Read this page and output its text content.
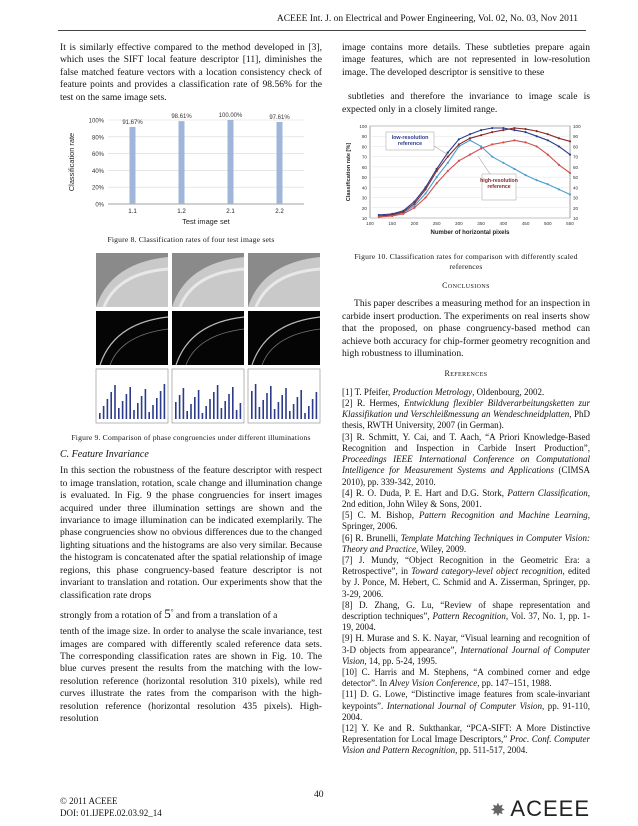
ACEEE Int. J. on Electrical and Power Engineering, Vol. 02, No. 03, Nov 2011

It is similarly effective compared to the method developed in [3], which uses the SIFT local feature descriptor [11], diminishes the false matched feature vectors with a location consistency check of feature points and provides a classification rate of 98.56% for the test on the same image sets.

0%
20%
40%
60%
80%
100%	91.67%
1.1
98.61%
1.2
100.00%
2.1
97.61%
2.2
Test image set
Classification rate
Figure 8. Classification rates of four test image sets
Figure 9. Comparison of phase congruencies under different illuminations
C. Feature Invariance

In this section the robustness of the feature descriptor with respect to image translation, rotation, scale change and illumination change is evaluated. In Fig. 9 the phase congruencies for insert images acquired under three illumination settings are shown and the invariance to image illumination can be indicated exemplarily. The phase congruencies show no obvious differences due to the changed lighting situations and the histograms are also very similar. Because the histogram is concatenated after the spatial relationship of image regions, this phase congruency-based feature descriptor is not invariant to translation and rotation. Our experiments show that the classification rate drops

strongly from a rotation of 5° and from a translation of a

tenth of the image size. In order to analyse the scale invariance, test images are compared with differently scaled reference data sets. The corresponding classification rates are shown in Fig. 10. The blue curves present the results from the matching with the low-resolution reference (horizontal resolution 310 pixels), while red curves illustrate the rates from the comparison with the high-resolution reference (horizontal resolution 435 pixels). High-resolution

image contains more details. These subtleties prepare again image features, which are not represented in low-resolution image. The developed descriptor is sensitive to these

subtleties and therefore the invariance to image scale is expected only in a closely limited range.

10	10
20	20
30	30
40	40
50	50
60	60
70	70
80	80
90	90
100	100
100	150	200	250	300	350	400	450	500	550
low-resolution reference
high-resolution reference
Number of horizontal pixels
Classification rate [%]
Figure 10. Classification rates for comparison with differently scaled references
Conclusions

This paper describes a measuring method for an inspection in carbide insert production. The experiments on real inserts show that the proposed, on phase congruency-based method can achieve both accuracy for chip-former geometry recognition and high robustness to illumination.

References

[1] T. Pfeifer, Production Metrology, Oldenbourg, 2002.

[2] R. Hermes, Entwicklung flexibler Bildverarbeitungsketten zur Klassifikation und Verschleißmessung an Wendeschneidplatten, PhD thesis, RWTH University, 2007 (in German).

[3] R. Schmitt, Y. Cai, and T. Aach, “A Priori Knowledge-Based Recognition and Inspection in Carbide Insert Production”, Proceedings IEEE International Conference on Computational Intelligence for Measurement Systems and Applications (CIMSA 2010), pp. 339-342, 2010.

[4] R. O. Duda, P. E. Hart and D.G. Stork, Pattern Classification, 2nd edition, John Wiley & Sons, 2001.

[5] C. M. Bishop, Pattern Recognition and Machine Learning, Springer, 2006.

[6] R. Brunelli, Template Matching Techniques in Computer Vision: Theory and Practice, Wiley, 2009.

[7] J. Mundy, “Object Recognition in the Geometric Era: a Retrospective”, in Toward category-level object recognition, edited by J. Ponce, M. Hebert, C. Schmid and A. Zisserman, Springer, pp. 3-29, 2006.

[8] D. Zhang, G. Lu, “Review of shape representation and description techniques”, Pattern Recognition, Vol. 37, No. 1, pp. 1-19, 2004.

[9] H. Murase and S. K. Nayar, “Visual learning and recognition of 3-D objects from appearance”, International Journal of Computer Vision, 14, pp. 5-24, 1995.

[10] C. Harris and M. Stephens, “A combined corner and edge detector”. In Alvey Vision Conference, pp. 147–151, 1988.

[11] D. G. Lowe, “Distinctive image features from scale-invariant keypoints”. International Journal of Computer Vision, pp. 91-110, 2004.

[12] Y. Ke and R. Sukthankar, “PCA-SIFT: A More Distinctive Representation for Local Image Descriptors,” Proc. Conf. Computer Vision and Pattern Recognition, pp. 511-517, 2004.

© 2011 ACEEE
DOI: 01.IJEPE.02.03.92_14
40
✸ ACEEE
